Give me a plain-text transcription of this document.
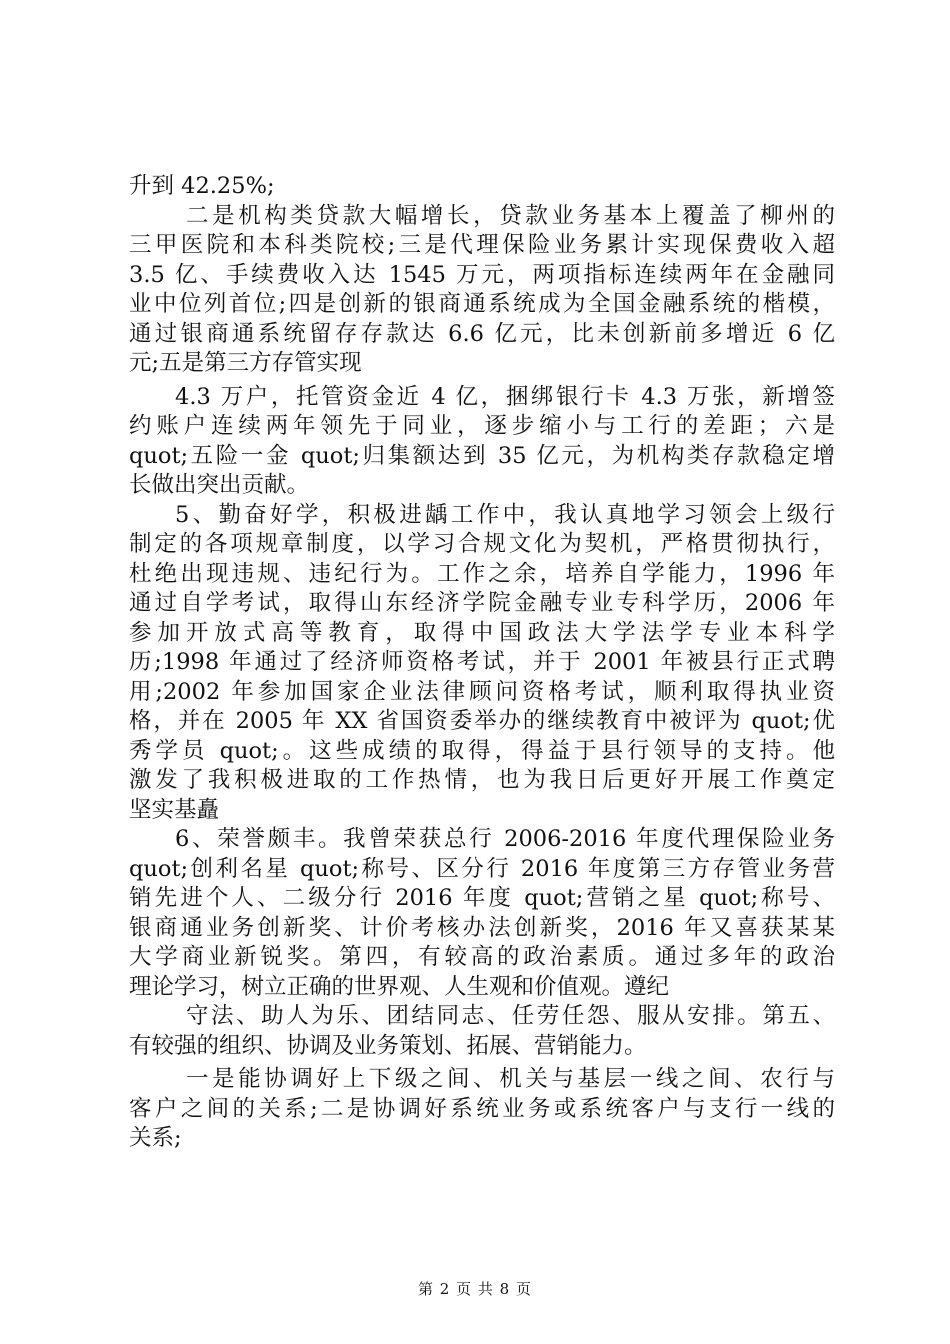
升到 42.25%;
二是机构类贷款大幅增长，贷款业务基本上覆盖了柳州的
三甲医院和本科类院校;三是代理保险业务累计实现保费收入超
3.5 亿、手续费收入达 1545 万元，两项指标连续两年在金融同
业中位列首位;四是创新的银商通系统成为全国金融系统的楷模，
通过银商通系统留存存款达 6.6 亿元，比未创新前多增近 6 亿
元;五是第三方存管实现
4.3 万户，托管资金近 4 亿，捆绑银行卡 4.3 万张，新增签
约账户连续两年领先于同业，逐步缩小与工行的差距；六是
quot;五险一金 quot;归集额达到 35 亿元，为机构类存款稳定增
长做出突出贡献。
5、勤奋好学，积极进龋工作中，我认真地学习领会上级行
制定的各项规章制度，以学习合规文化为契机，严格贯彻执行，
杜绝出现违规、违纪行为。工作之余，培养自学能力，1996 年
通过自学考试，取得山东经济学院金融专业专科学历，2006 年
参加开放式高等教育，取得中国政法大学法学专业本科学
历;1998 年通过了经济师资格考试，并于 2001 年被县行正式聘
用;2002 年参加国家企业法律顾问资格考试，顺利取得执业资
格，并在 2005 年 XX 省国资委举办的继续教育中被评为 quot;优
秀学员 quot;。这些成绩的取得，得益于县行领导的支持。他
激发了我积极进取的工作热情，也为我日后更好开展工作奠定
坚实基矗
6、荣誉颇丰。我曾荣获总行 2006-2016 年度代理保险业务
quot;创利名星 quot;称号、区分行 2016 年度第三方存管业务营
销先进个人、二级分行 2016 年度 quot;营销之星 quot;称号、
银商通业务创新奖、计价考核办法创新奖，2016 年又喜获某某
大学商业新锐奖。第四，有较高的政治素质。通过多年的政治
理论学习，树立正确的世界观、人生观和价值观。遵纪
守法、助人为乐、团结同志、任劳任怨、服从安排。第五、
有较强的组织、协调及业务策划、拓展、营销能力。
一是能协调好上下级之间、机关与基层一线之间、农行与
客户之间的关系;二是协调好系统业务或系统客户与支行一线的
关系;
第 2 页 共 8 页
